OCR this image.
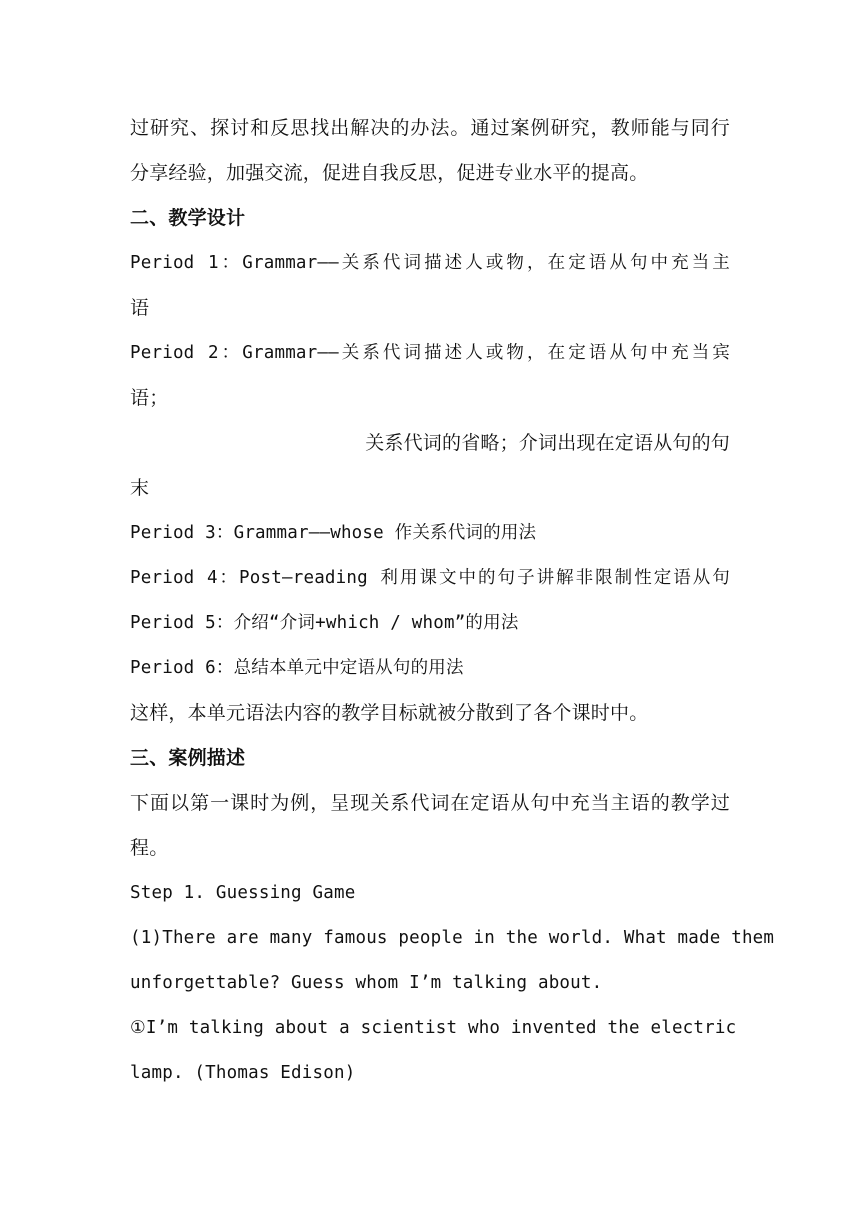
过研究、探讨和反思找出解决的办法。通过案例研究，教师能与同行
分享经验，加强交流，促进自我反思，促进专业水平的提高。
二、教学设计
Period 1：Grammar——关系代词描述人或物，在定语从句中充当主
语
Period 2：Grammar——关系代词描述人或物，在定语从句中充当宾
语；
关系代词的省略；介词出现在定语从句的句
末
Period 3：Grammar——whose 作关系代词的用法
Period 4：Post—reading 利用课文中的句子讲解非限制性定语从句
Period 5：介绍“介词+which / whom”的用法
Period 6：总结本单元中定语从句的用法
这样，本单元语法内容的教学目标就被分散到了各个课时中。
三、案例描述
下面以第一课时为例，呈现关系代词在定语从句中充当主语的教学过
程。
Step 1. Guessing Game
(1)There are many famous people in the world. What made them
unforgettable? Guess whom I’m talking about.
①I’m talking about a scientist who invented the electric
lamp. (Thomas Edison)
